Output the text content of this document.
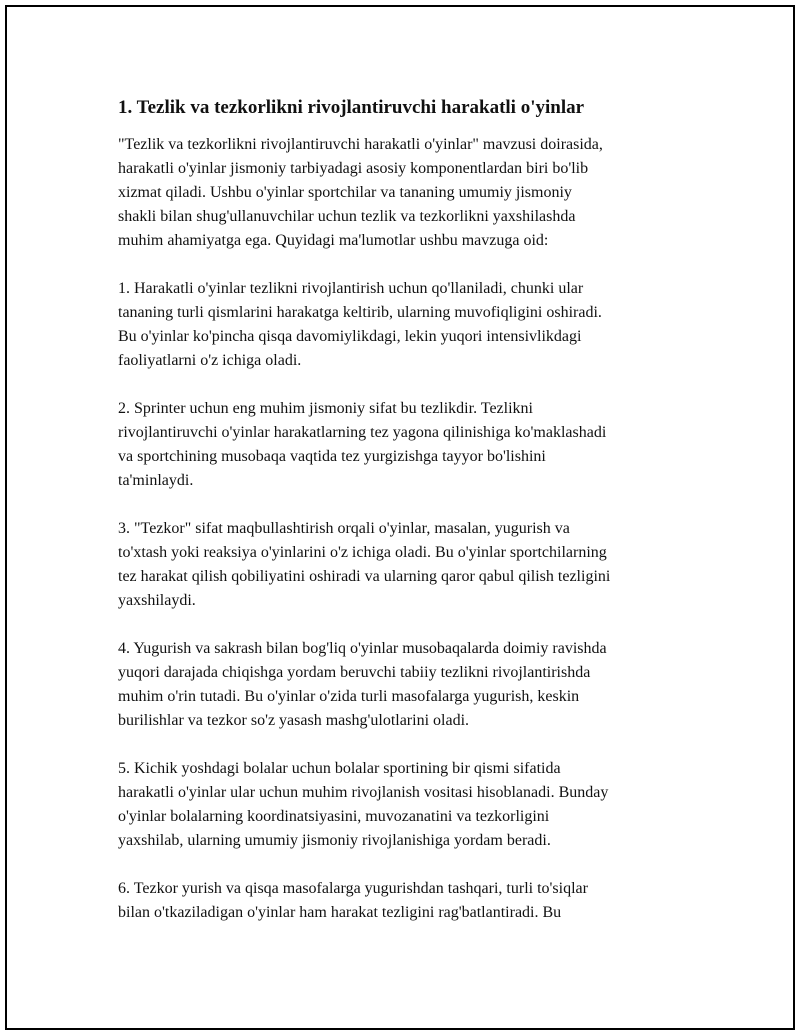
1. Tezlik va tezkorlikni rivojlantiruvchi harakatli o'yinlar

"Tezlik va tezkorlikni rivojlantiruvchi harakatli o'yinlar" mavzusi doirasida,
harakatli o'yinlar jismoniy tarbiyadagi asosiy komponentlardan biri bo'lib
xizmat qiladi. Ushbu o'yinlar sportchilar va tananing umumiy jismoniy
shakli bilan shug'ullanuvchilar uchun tezlik va tezkorlikni yaxshilashda
muhim ahamiyatga ega. Quyidagi ma'lumotlar ushbu mavzuga oid:

1. Harakatli o'yinlar tezlikni rivojlantirish uchun qo'llaniladi, chunki ular
tananing turli qismlarini harakatga keltirib, ularning muvofiqligini oshiradi.
Bu o'yinlar ko'pincha qisqa davomiylikdagi, lekin yuqori intensivlikdagi
faoliyatlarni o'z ichiga oladi.

2. Sprinter uchun eng muhim jismoniy sifat bu tezlikdir. Tezlikni
rivojlantiruvchi o'yinlar harakatlarning tez yagona qilinishiga ko'maklashadi
va sportchining musobaqa vaqtida tez yurgizishga tayyor bo'lishini
ta'minlaydi.

3. "Tezkor" sifat maqbullashtirish orqali o'yinlar, masalan, yugurish va
to'xtash yoki reaksiya o'yinlarini o'z ichiga oladi. Bu o'yinlar sportchilarning
tez harakat qilish qobiliyatini oshiradi va ularning qaror qabul qilish tezligini
yaxshilaydi.

4. Yugurish va sakrash bilan bog'liq o'yinlar musobaqalarda doimiy ravishda
yuqori darajada chiqishga yordam beruvchi tabiiy tezlikni rivojlantirishda
muhim o'rin tutadi. Bu o'yinlar o'zida turli masofalarga yugurish, keskin
burilishlar va tezkor so'z yasash mashg'ulotlarini oladi.

5. Kichik yoshdagi bolalar uchun bolalar sportining bir qismi sifatida
harakatli o'yinlar ular uchun muhim rivojlanish vositasi hisoblanadi. Bunday
o'yinlar bolalarning koordinatsiyasini, muvozanatini va tezkorligini
yaxshilab, ularning umumiy jismoniy rivojlanishiga yordam beradi.

6. Tezkor yurish va qisqa masofalarga yugurishdan tashqari, turli to'siqlar
bilan o'tkaziladigan o'yinlar ham harakat tezligini rag'batlantiradi. Bu
